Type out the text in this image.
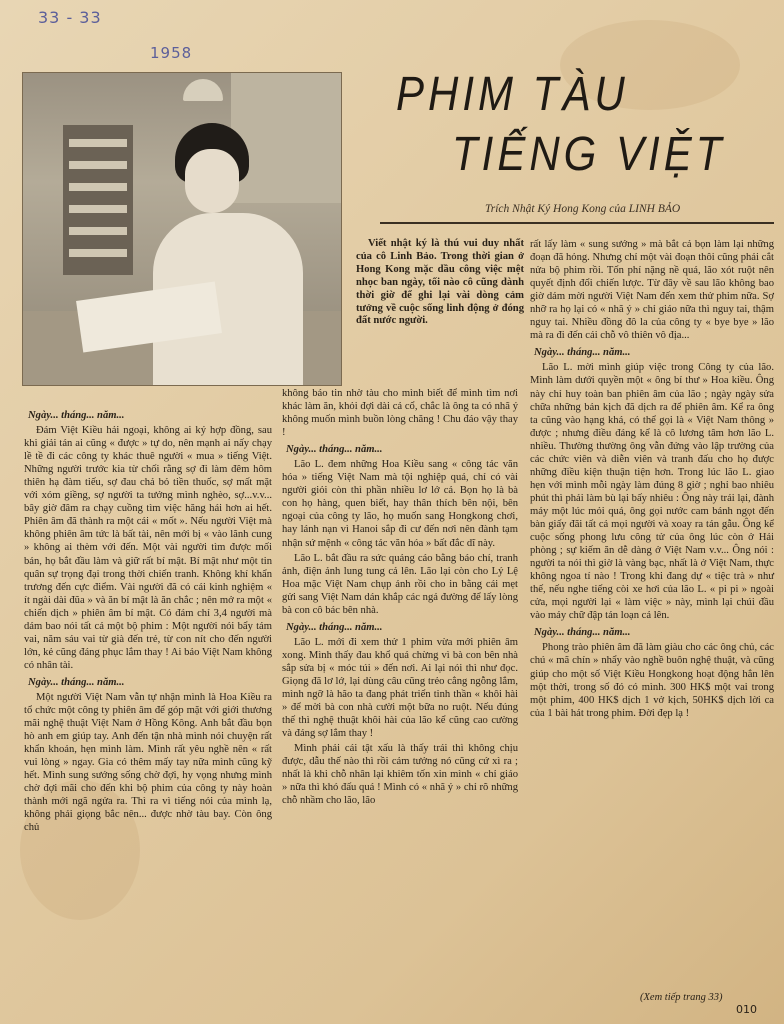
33 - 33
1958
PHIM TÀU
TIẾNG VIỆT
Trích Nhật Ký Hong Kong của LINH BẢO
Viết nhật ký là thú vui duy nhất của cô Linh Bảo. Trong thời gian ở Hong Kong mặc dầu công việc mệt nhọc ban ngày, tối nào cô cũng dành thời giờ để ghi lại vài dòng cảm tưởng về cuộc sống linh động ở đóng đất nước người.

Ngày... tháng... năm...

Đám Việt Kiều hải ngoại, không ai ký hợp đồng, sau khi giải tán ai cũng « được » tự do, nên mạnh ai nấy chạy lề tề đi các công ty khác thuê người « mua » tiếng Việt. Những người trước kia từ chối rằng sợ đi làm đêm hôm thiên hạ đàm tiếu, sợ đau chả bỏ tiền thuốc, sợ mất mặt với xóm giềng, sợ người ta tưởng mình nghèo, sợ...v.v... bây giờ đâm ra chạy cuồng tìm việc hăng hái hơn ai hết. Phiên âm đã thành ra một cái « mốt ». Nếu người Việt mà không phiên âm tức là bất tài, nên mới bị « vào lãnh cung » không ai thèm với đến. Một vài người tìm được mối bán, họ bắt đầu làm và giữ rất bí mật. Bí mật như một tin quân sự trọng đại trong thời chiến tranh. Không khí khẩn trương đến cực điểm. Vài người đã có cái kinh nghiệm « ít ngài dài đũa » và ăn bí mật là ăn chắc ; nên mở ra một « chiến dịch » phiên âm bí mật. Có đám chỉ 3,4 người mà dám bao nói tất cả một bộ phim : Một người nói bẩy tám vai, năm sáu vai từ già đến trẻ, từ con nít cho đến người lớn, kẻ cũng đáng phục lắm thay ! Ai bảo Việt Nam không có nhân tài.

Ngày... tháng... năm...

Một người Việt Nam vẫn tự nhận mình là Hoa Kiều ra tổ chức một công ty phiên âm để góp mặt với giới thương mãi nghệ thuật Việt Nam ở Hồng Kông. Anh bắt đầu bọn hò anh em giúp tay. Anh đến tận nhà mình nói chuyện rất khẩn khoản, hẹn mình làm. Mình rất yêu nghề nên « rất vui lòng » ngay. Gia có thêm mấy tay nữa mình cũng kỹ hết. Mình sung sướng sống chờ đợi, hy vọng nhưng mình chờ đợi mãi cho đến khi bộ phim của công ty này hoàn thành mới ngã ngửa ra. Thì ra vì tiếng nói của mình lạ, không phải giọng bắc nên... được nhờ tàu bay. Còn ông chủ

không báo tin nhờ tàu cho mình biết để mình tìm nơi khác làm ăn, khỏi đợi dài cả cổ, chắc là ông ta có nhã ý không muốn mình buồn lòng chăng ! Chu đáo vậy thay !

Ngày... tháng... năm...

Lão L. đem những Hoa Kiều sang « công tác văn hóa » tiếng Việt Nam mà tội nghiệp quá, chỉ có vài người giỏi còn thì phần nhiều lơ lớ cả. Bọn họ là bà con họ hàng, quen biết, hay thân thích bên nội, bên ngoại của công ty lão, họ muốn sang Hongkong chơi, hay lánh nạn vì Hanoi sắp đi cư đến nơi nên đành tạm nhận sứ mệnh « công tác văn hóa » bất đắc dĩ này.

Lão L. bắt đầu ra sức quảng cáo bằng báo chí, tranh ảnh, điện ảnh lung tung cả lên. Lão lại còn cho Lý Lệ Hoa mặc Việt Nam chụp ảnh rồi cho in bằng cái mẹt gửi sang Việt Nam dán khắp các ngả đường để lấy lòng bà con cô bác bên nhà.

Ngày... tháng... năm...

Lão L. mới đi xem thử 1 phim vừa mới phiên âm xong. Mình thấy đau khổ quá chừng vì bà con bên nhà sắp sửa bị « móc túi » đến nơi. Ai lại nói thì như đọc. Giọng đã lơ lớ, lại dùng câu cũng trẻo cẳng ngỗng lắm, mình ngỡ là hão ta đang phát triển tinh thần « khôi hài » để mời bà con nhà cười một bữa no ruột. Nếu đúng thế thì nghệ thuật khôi hài của lão kể cũng cao cường và đáng sợ lắm thay !

Mình phải cái tật xấu là thấy trái thì không chịu được, dẫu thế nào thì rồi cảm tưởng nó cũng cứ xì ra ; nhất là khi chỗ nhân lại khiêm tốn xin mình « chỉ giáo » nữa thì khó đấu quá ! Mình có « nhã ý » chỉ rõ những chỗ nhầm cho lão, lão

rất lấy làm « sung sướng » mà bắt cả bọn làm lại những đoạn đã hỏng. Nhưng chỉ một vài đoạn thôi cũng phải cắt nửa bộ phim rồi. Tốn phí nặng nề quá, lão xót ruột nên quyết định đổi chiến lược. Từ đây về sau lão không bao giờ dám mời người Việt Nam đến xem thử phim nữa. Sợ nhỡ ra họ lại có « nhã ý » chỉ giáo nữa thì nguy tai, thậm nguy tai. Nhiều đồng đô la của công ty « bye bye » lão mà ra đi đến cái chỗ vô thiên vô địa...

Ngày... tháng... năm...

Lão L. mời mình giúp việc trong Công ty của lão. Mình làm dưới quyền một « ông bí thư » Hoa kiều. Ông này chỉ huy toàn ban phiên âm của lão ; ngày ngày sửa chữa những bản kịch đã dịch ra để phiên âm. Kể ra ông ta cũng vào hạng khá, có thể gọi là « Việt Nam thông » được ; nhưng điều đáng kể là cô lương tâm hơn lão L. nhiều. Thường thường ông vẫn đứng vào lập trường của các chức viên và diễn viên và tranh đấu cho họ được những điều kiện thuận tiện hơn. Trong lúc lão L. giao hẹn với mình mỗi ngày làm đúng 8 giờ ; nghỉ bao nhiêu phút thì phải làm bù lại bấy nhiêu : Ông này trái lại, đành máy một lúc mỏi quá, ông gọi nước cam bánh ngọt đến bàn giấy đãi tất cả mọi người và xoay ra tán gẫu. Ông kể cuộc sống phong lưu công tử của ông lúc còn ở Hải phòng ; sự kiếm ăn dễ dàng ở Việt Nam v.v... Ông nói : người ta nói thì giờ là vàng bạc, nhất là ở Việt Nam, thực không ngoa tí nào ! Trong khi đang dự « tiệc trà » như thế, nếu nghe tiếng còi xe hơi của lão L. « pi pi » ngoài cửa, mọi người lại « làm việc » này, mình lại chúi đầu vào máy chữ đập tán loạn cả lên.

Ngày... tháng... năm...

Phong trào phiên âm đã làm giàu cho các ông chủ, các chú « mã chín » nhẩy vào nghề buôn nghệ thuật, và cũng giúp cho một số Việt Kiều Hongkong hoạt động hẳn lên một thời, trong số đó có mình. 300 HK$ một vai trong một phim, 400 HK$ dịch 1 vở kịch, 50HK$ dịch lời ca của 1 bài hát trong phim. Đời đẹp lạ !

(Xem tiếp trang 33)
010
